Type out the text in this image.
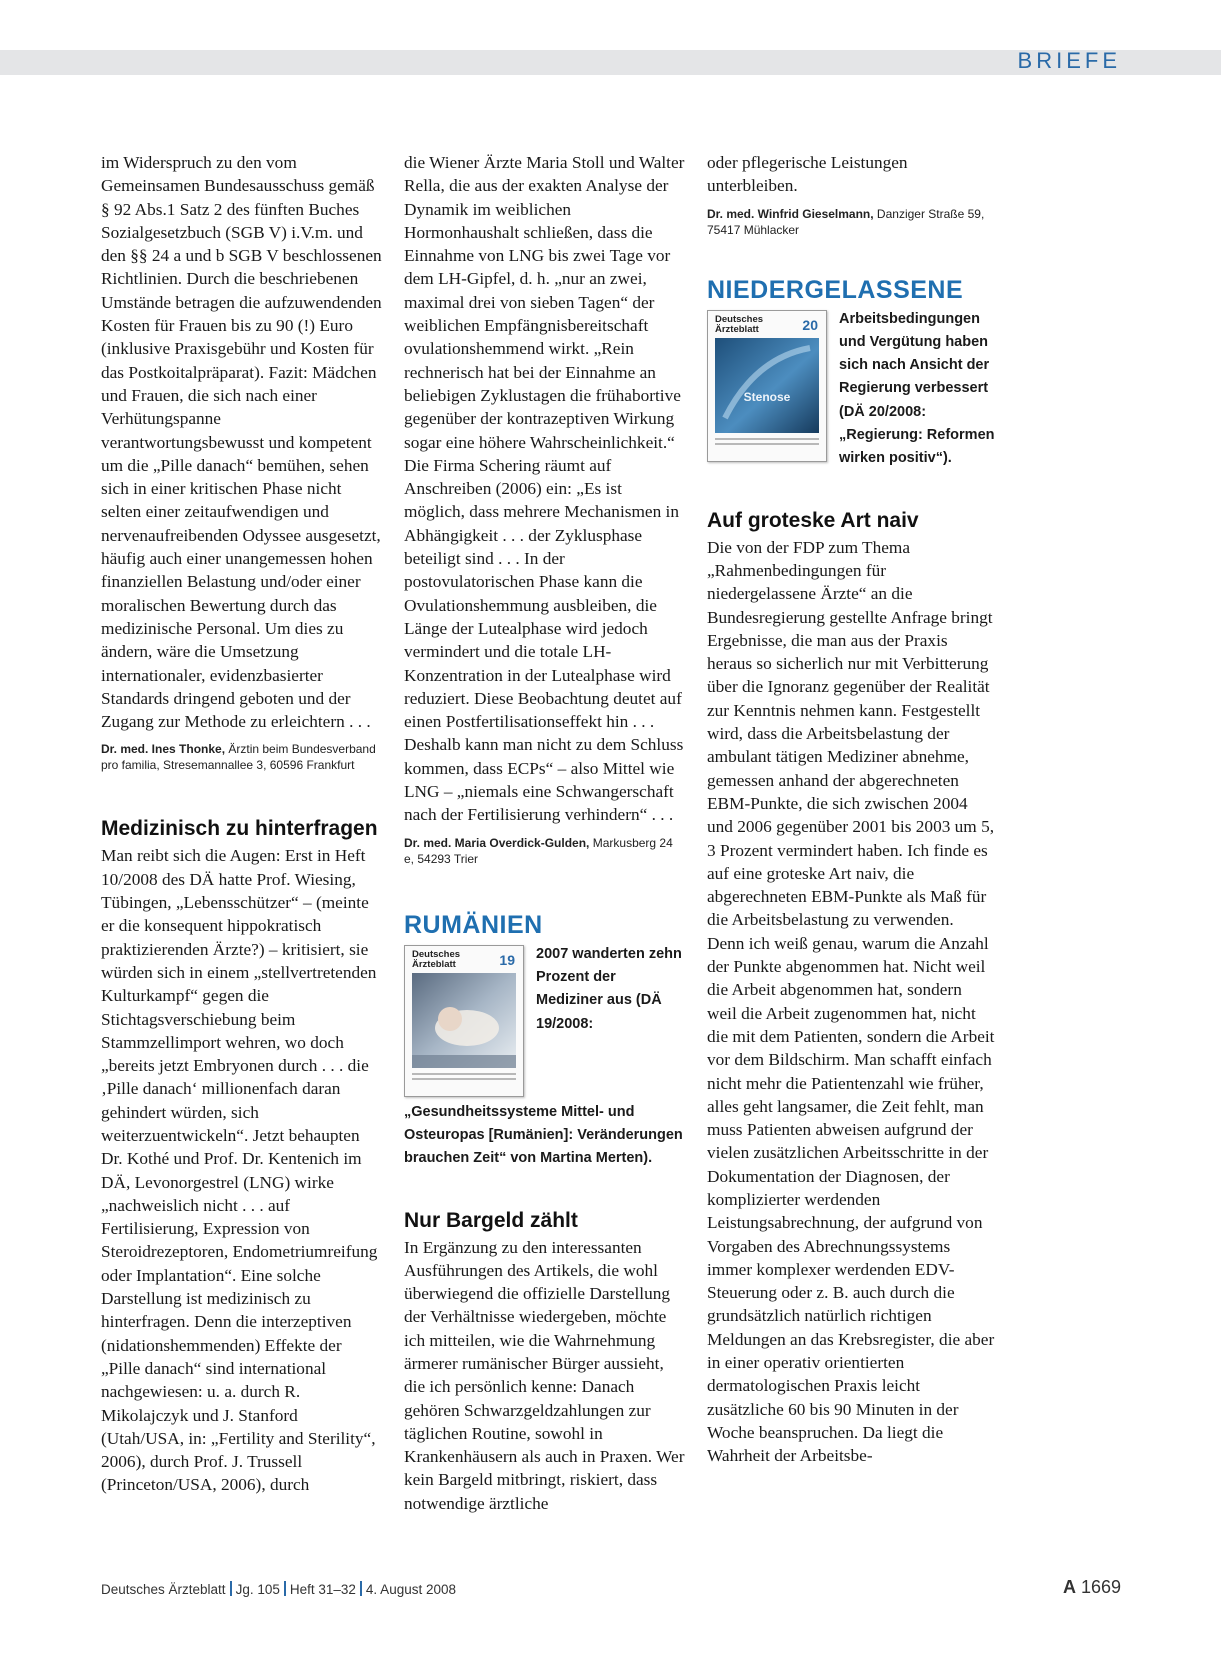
BRIEFE

im Widerspruch zu den vom Gemeinsamen Bundesausschuss gemäß § 92 Abs.1 Satz 2 des fünften Buches Sozialgesetzbuch (SGB V) i.V.m. und den §§ 24 a und b SGB V beschlossenen Richtlinien. Durch die beschriebenen Umstände betragen die aufzuwendenden Kosten für Frauen bis zu 90 (!) Euro (inklusive Praxisgebühr und Kosten für das Postkoitalpräparat). Fazit: Mädchen und Frauen, die sich nach einer Verhütungspanne verantwortungsbewusst und kompetent um die „Pille danach“ bemühen, sehen sich in einer kritischen Phase nicht selten einer zeitaufwendigen und nervenaufreibenden Odyssee ausgesetzt, häufig auch einer unangemessen hohen finanziellen Belastung und/oder einer moralischen Bewertung durch das medizinische Personal. Um dies zu ändern, wäre die Umsetzung internationaler, evidenzbasierter Standards dringend geboten und der Zugang zur Methode zu erleichtern . . .

Dr. med. Ines Thonke, Ärztin beim Bundesverband pro familia, Stresemannallee 3, 60596 Frankfurt
Medizinisch zu hinterfragen

Man reibt sich die Augen: Erst in Heft 10/2008 des DÄ hatte Prof. Wiesing, Tübingen, „Lebensschützer“ – (meinte er die konsequent hippokratisch praktizierenden Ärzte?) – kritisiert, sie würden sich in einem „stellvertretenden Kulturkampf“ gegen die Stichtagsverschiebung beim Stammzellimport wehren, wo doch „bereits jetzt Embryonen durch . . . die ‚Pille danach‘ millionenfach daran gehindert würden, sich weiterzuentwickeln“. Jetzt behaupten Dr. Kothé und Prof. Dr. Kentenich im DÄ, Levonorgestrel (LNG) wirke „nachweislich nicht . . . auf Fertilisierung, Expression von Steroidrezeptoren, Endometriumreifung oder Implantation“. Eine solche Darstellung ist medizinisch zu hinterfragen. Denn die interzeptiven (nidationshemmenden) Effekte der „Pille danach“ sind international nachgewiesen: u. a. durch R. Mikolajczyk und J. Stanford (Utah/USA, in: „Fertility and Sterility“, 2006), durch Prof. J. Trussell (Princeton/USA, 2006), durch

die Wiener Ärzte Maria Stoll und Walter Rella, die aus der exakten Analyse der Dynamik im weiblichen Hormonhaushalt schließen, dass die Einnahme von LNG bis zwei Tage vor dem LH-Gipfel, d. h. „nur an zwei, maximal drei von sieben Tagen“ der weiblichen Empfängnisbereitschaft ovulationshemmend wirkt. „Rein rechnerisch hat bei der Einnahme an beliebigen Zyklustagen die frühabortive gegenüber der kontrazeptiven Wirkung sogar eine höhere Wahrscheinlichkeit.“ Die Firma Schering räumt auf Anschreiben (2006) ein: „Es ist möglich, dass mehrere Mechanismen in Abhängigkeit . . . der Zyklusphase beteiligt sind . . . In der postovulatorischen Phase kann die Ovulationshemmung ausbleiben, die Länge der Lutealphase wird jedoch vermindert und die totale LH-Konzentration in der Lutealphase wird reduziert. Diese Beobachtung deutet auf einen Postfertilisationseffekt hin . . . Deshalb kann man nicht zu dem Schluss kommen, dass ECPs“ – also Mittel wie LNG – „niemals eine Schwangerschaft nach der Fertilisierung verhindern“ . . .

Dr. med. Maria Overdick-Gulden, Markusberg 24 e, 54293 Trier
RUMÄNIEN
Deutsches Ärzteblatt	19 2007 wanderten zehn Prozent der Mediziner aus (DÄ 19/2008: „Gesundheitssysteme Mittel- und Osteuropas [Rumänien]: Veränderungen brauchen Zeit“ von Martina Merten).
Nur Bargeld zählt

In Ergänzung zu den interessanten Ausführungen des Artikels, die wohl überwiegend die offizielle Darstellung der Verhältnisse wiedergeben, möchte ich mitteilen, wie die Wahrnehmung ärmerer rumänischer Bürger aussieht, die ich persönlich kenne: Danach gehören Schwarzgeldzahlungen zur täglichen Routine, sowohl in Krankenhäusern als auch in Praxen. Wer kein Bargeld mitbringt, riskiert, dass notwendige ärztliche

oder pflegerische Leistungen unterbleiben.

Dr. med. Winfrid Gieselmann, Danziger Straße 59, 75417 Mühlacker
NIEDERGELASSENE
Deutsches Ärzteblatt	20
Stenose
Arbeitsbedingungen und Vergütung haben sich nach Ansicht der Regierung verbessert (DÄ 20/2008: „Regierung: Reformen wirken positiv“).
Auf groteske Art naiv

Die von der FDP zum Thema „Rahmenbedingungen für niedergelassene Ärzte“ an die Bundesregierung gestellte Anfrage bringt Ergebnisse, die man aus der Praxis heraus so sicherlich nur mit Verbitterung über die Ignoranz gegenüber der Realität zur Kenntnis nehmen kann. Festgestellt wird, dass die Arbeitsbelastung der ambulant tätigen Mediziner abnehme, gemessen anhand der abgerechneten EBM-Punkte, die sich zwischen 2004 und 2006 gegenüber 2001 bis 2003 um 5, 3 Prozent vermindert haben. Ich finde es auf eine groteske Art naiv, die abgerechneten EBM-Punkte als Maß für die Arbeitsbelastung zu verwenden. Denn ich weiß genau, warum die Anzahl der Punkte abgenommen hat. Nicht weil die Arbeit abgenommen hat, sondern weil die Arbeit zugenommen hat, nicht die mit dem Patienten, sondern die Arbeit vor dem Bildschirm. Man schafft einfach nicht mehr die Patientenzahl wie früher, alles geht langsamer, die Zeit fehlt, man muss Patienten abweisen aufgrund der vielen zusätzlichen Arbeitsschritte in der Dokumentation der Diagnosen, der komplizierter werdenden Leistungsabrechnung, der aufgrund von Vorgaben des Abrechnungssystems immer komplexer werdenden EDV-Steuerung oder z. B. auch durch die grundsätzlich natürlich richtigen Meldungen an das Krebsregister, die aber in einer operativ orientierten dermatologischen Praxis leicht zusätzliche 60 bis 90 Minuten in der Woche beanspruchen. Da liegt die Wahrheit der Arbeitsbe-

Deutsches Ärzteblatt Jg. 105 Heft 31–32 4. August 2008	A 1669
